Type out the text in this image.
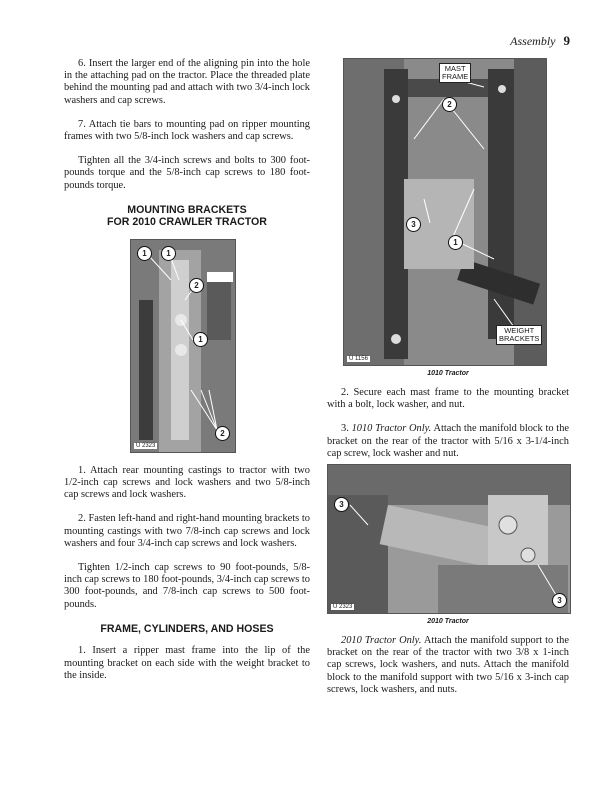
Assembly 9

6. Insert the larger end of the aligning pin into the hole in the attaching pad on the tractor. Place the threaded plate behind the mounting pad and attach with two 3/4-inch lock washers and cap screws.

7. Attach tie bars to mounting pad on ripper mounting frames with two 5/8-inch lock washers and cap screws.

Tighten all the 3/4-inch screws and bolts to 300 foot-pounds torque and the 5/8-inch cap screws to 180 foot-pounds torque.

MOUNTING BRACKETS
FOR 2010 CRAWLER TRACTOR
1	1
2
1
2
U 2323

1. Attach rear mounting castings to tractor with two 1/2-inch cap screws and lock washers and two 5/8-inch cap screws and lock washers.

2. Fasten left-hand and right-hand mounting brackets to mounting castings with two 7/8-inch cap screws and lock washers and four 3/4-inch cap screws and lock washers.

Tighten 1/2-inch cap screws to 90 foot-pounds, 5/8-inch cap screws to 180 foot-pounds, 3/4-inch cap screws to 300 foot-pounds, and 7/8-inch cap screws to 500 foot-pounds.

FRAME, CYLINDERS, AND HOSES

1. Insert a ripper mast frame into the lip of the mounting bracket on each side with the weight bracket to the inside.

MAST
FRAME
2
3
1
WEIGHT
BRACKETS
U 1156
1010 Tractor

2. Secure each mast frame to the mounting bracket with a bolt, lock washer, and nut.

3. 1010 Tractor Only. Attach the manifold block to the bracket on the rear of the tractor with 5/16 x 3-1/4-inch cap screw, lock washer and nut.

3
3
U 2323
2010 Tractor

2010 Tractor Only. Attach the manifold support to the bracket on the rear of the tractor with two 3/8 x 1-inch cap screws, lock washers, and nuts. Attach the manifold block to the manifold support with two 5/16 x 3-inch cap screws, lock washers, and nuts.
